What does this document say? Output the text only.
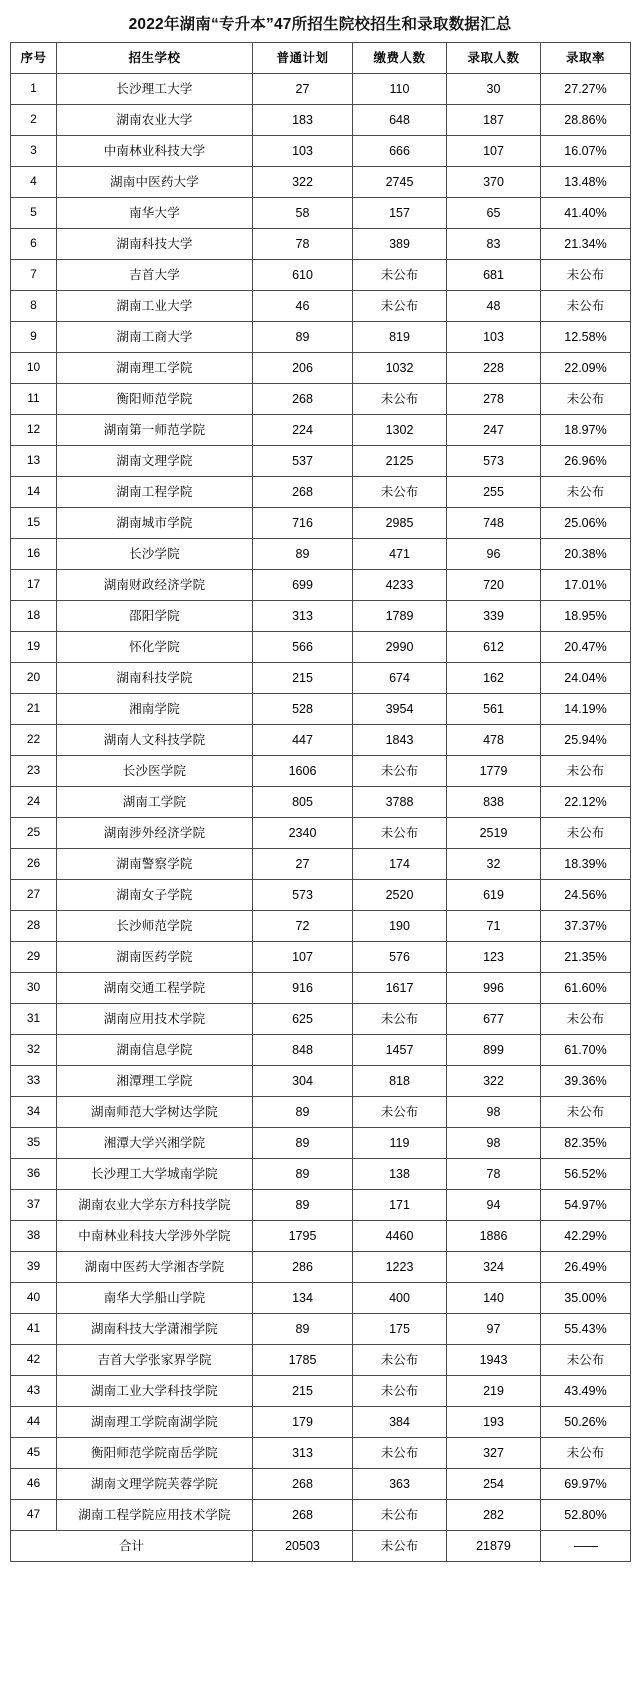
2022年湖南“专升本”47所招生院校招生和录取数据汇总
序号	招生学校	普通计划	缴费人数	录取人数	录取率
1	长沙理工大学	27	110	30	27.27%
2	湖南农业大学	183	648	187	28.86%
3	中南林业科技大学	103	666	107	16.07%
4	湖南中医药大学	322	2745	370	13.48%
5	南华大学	58	157	65	41.40%
6	湖南科技大学	78	389	83	21.34%
7	吉首大学	610	未公布	681	未公布
8	湖南工业大学	46	未公布	48	未公布
9	湖南工商大学	89	819	103	12.58%
10	湖南理工学院	206	1032	228	22.09%
11	衡阳师范学院	268	未公布	278	未公布
12	湖南第一师范学院	224	1302	247	18.97%
13	湖南文理学院	537	2125	573	26.96%
14	湖南工程学院	268	未公布	255	未公布
15	湖南城市学院	716	2985	748	25.06%
16	长沙学院	89	471	96	20.38%
17	湖南财政经济学院	699	4233	720	17.01%
18	邵阳学院	313	1789	339	18.95%
19	怀化学院	566	2990	612	20.47%
20	湖南科技学院	215	674	162	24.04%
21	湘南学院	528	3954	561	14.19%
22	湖南人文科技学院	447	1843	478	25.94%
23	长沙医学院	1606	未公布	1779	未公布
24	湖南工学院	805	3788	838	22.12%
25	湖南涉外经济学院	2340	未公布	2519	未公布
26	湖南警察学院	27	174	32	18.39%
27	湖南女子学院	573	2520	619	24.56%
28	长沙师范学院	72	190	71	37.37%
29	湖南医药学院	107	576	123	21.35%
30	湖南交通工程学院	916	1617	996	61.60%
31	湖南应用技术学院	625	未公布	677	未公布
32	湖南信息学院	848	1457	899	61.70%
33	湘潭理工学院	304	818	322	39.36%
34	湖南师范大学树达学院	89	未公布	98	未公布
35	湘潭大学兴湘学院	89	119	98	82.35%
36	长沙理工大学城南学院	89	138	78	56.52%
37	湖南农业大学东方科技学院	89	171	94	54.97%
38	中南林业科技大学涉外学院	1795	4460	1886	42.29%
39	湖南中医药大学湘杏学院	286	1223	324	26.49%
40	南华大学船山学院	134	400	140	35.00%
41	湖南科技大学潇湘学院	89	175	97	55.43%
42	吉首大学张家界学院	1785	未公布	1943	未公布
43	湖南工业大学科技学院	215	未公布	219	43.49%
44	湖南理工学院南湖学院	179	384	193	50.26%
45	衡阳师范学院南岳学院	313	未公布	327	未公布
46	湖南文理学院芙蓉学院	268	363	254	69.97%
47	湖南工程学院应用技术学院	268	未公布	282	52.80%
合计		20503	未公布	21879	——
